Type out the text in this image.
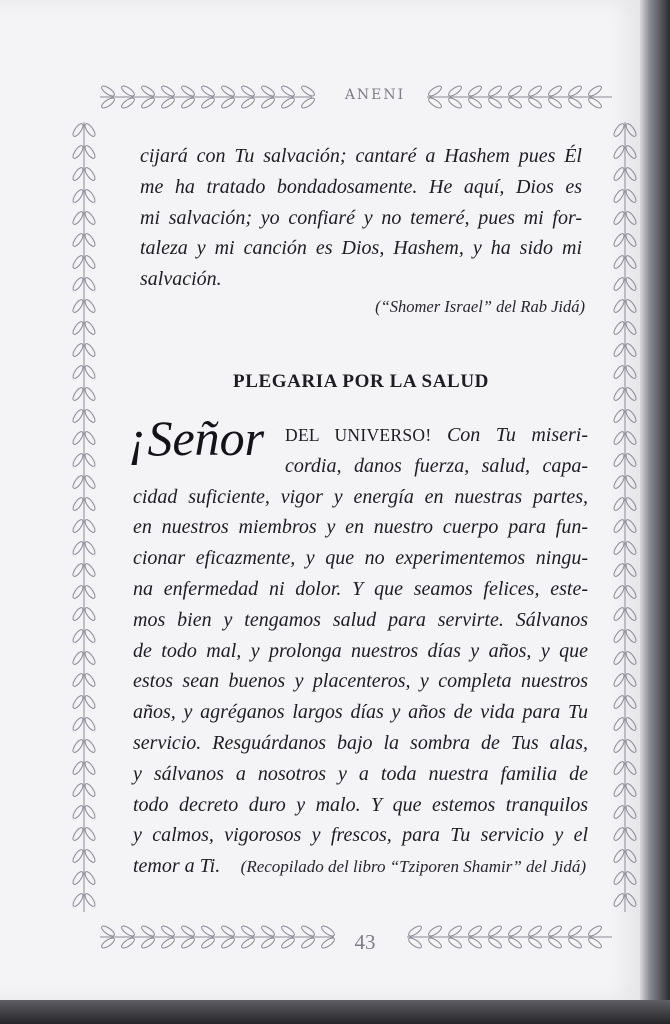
ANENI
cijará con Tu salvación; cantaré a Hashem pues Él
me ha tratado bondadosamente. He aquí, Dios es
mi salvación; yo confiaré y no temeré, pues mi for-
taleza y mi canción es Dios, Hashem, y ha sido mi
salvación.
(“Shomer Israel” del Rab Jidá)
PLEGARIA POR LA SALUD
¡Señor	DEL UNIVERSO! Con Tu miseri-
cordia, danos fuerza, salud, capa-
cidad suficiente, vigor y energía en nuestras partes,
en nuestros miembros y en nuestro cuerpo para fun-
cionar eficazmente, y que no experimentemos ningu-
na enfermedad ni dolor. Y que seamos felices, este-
mos bien y tengamos salud para servirte. Sálvanos
de todo mal, y prolonga nuestros días y años, y que
estos sean buenos y placenteros, y completa nuestros
años, y agréganos largos días y años de vida para Tu
servicio. Resguárdanos bajo la sombra de Tus alas,
y sálvanos a nosotros y a toda nuestra familia de
todo decreto duro y malo. Y que estemos tranquilos
y calmos, vigorosos y frescos, para Tu servicio y el
temor a Ti.	(Recopilado del libro “Tziporen Shamir” del Jidá)
43
